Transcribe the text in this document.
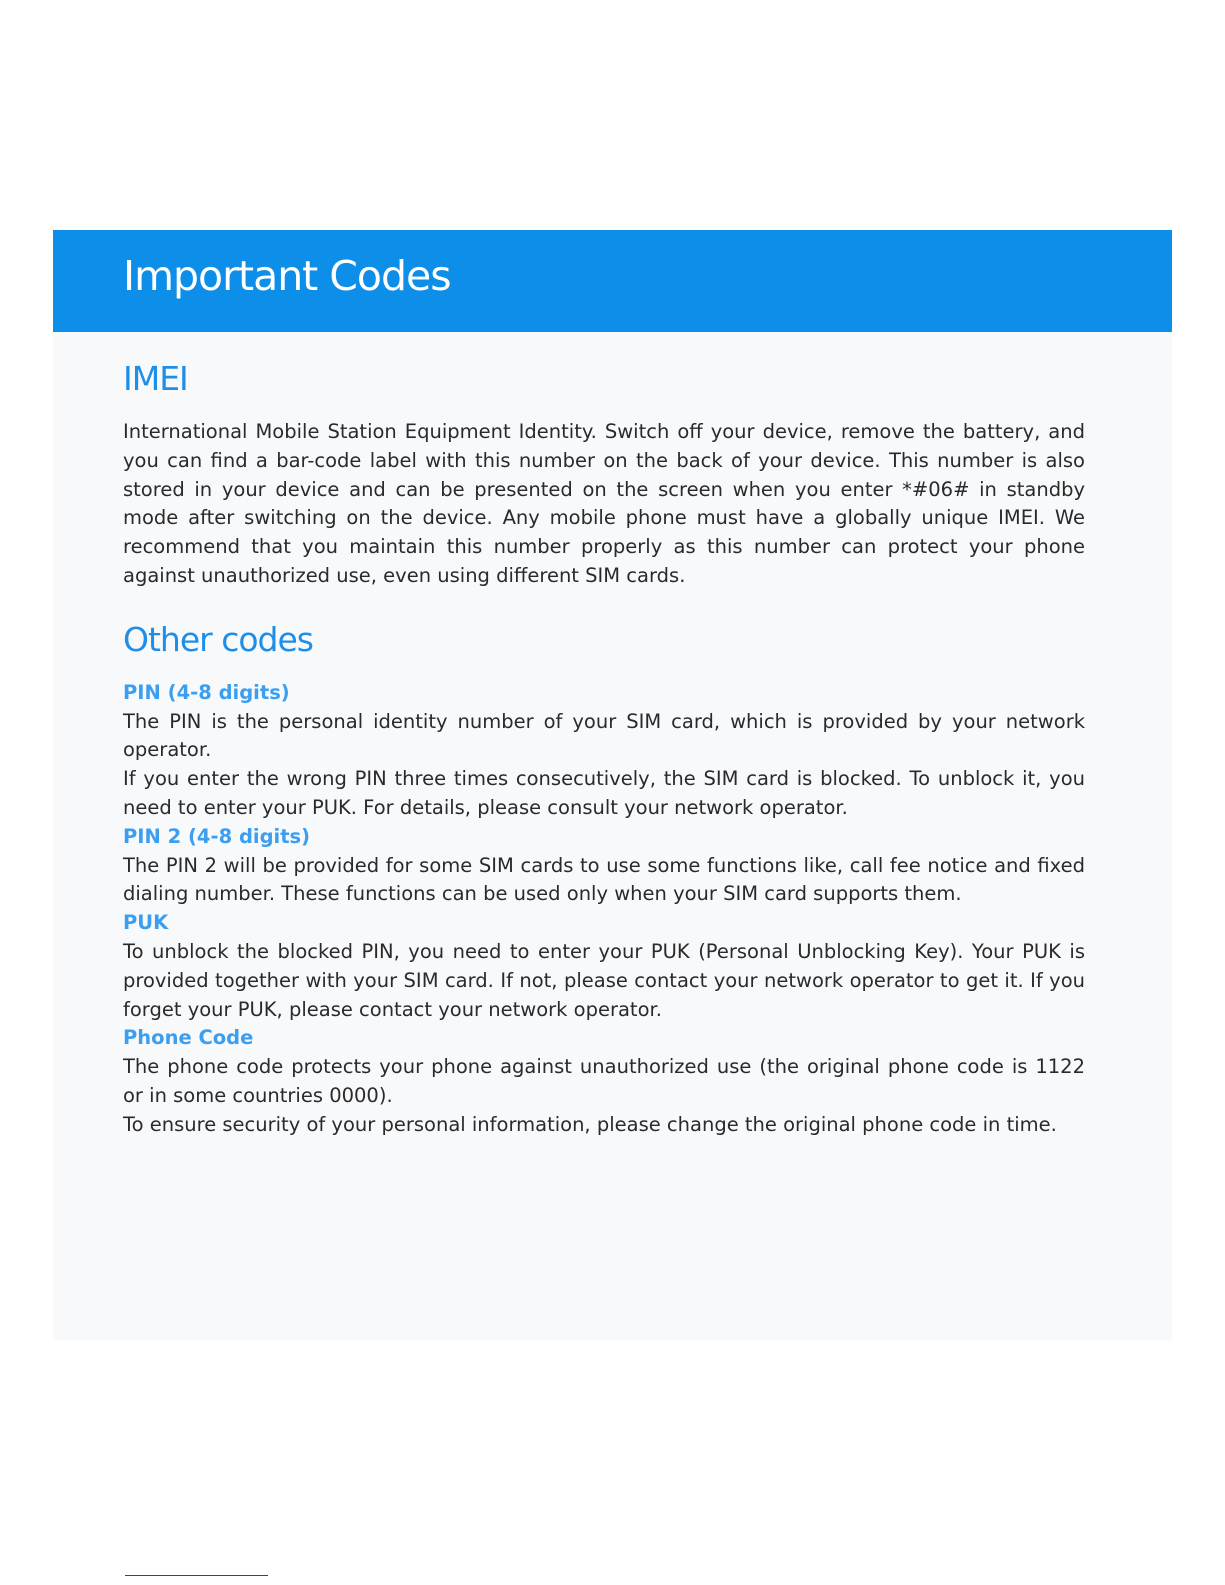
Important Codes
IMEI

International Mobile Station Equipment Identity. Switch off your device, remove the battery, and you can find a bar-code label with this number on the back of your device. This number is also stored in your device and can be presented on the screen when you enter *#06# in standby mode after switching on the device. Any mobile phone must have a globally unique IMEI. We recommend that you maintain this number properly as this number can protect your phone against unauthorized use, even using different SIM cards.

Other codes
PIN (4-8 digits)

The PIN is the personal identity number of your SIM card, which is provided by your network operator.

If you enter the wrong PIN three times consecutively, the SIM card is blocked. To unblock it, you need to enter your PUK. For details, please consult your network operator.

PIN 2 (4-8 digits)

The PIN 2 will be provided for some SIM cards to use some functions like, call fee notice and fixed dialing number. These functions can be used only when your SIM card supports them.

PUK

To unblock the blocked PIN, you need to enter your PUK (Personal Unblocking Key). Your PUK is provided together with your SIM card. If not, please contact your network operator to get it. If you forget your PUK, please contact your network operator.

Phone Code

The phone code protects your phone against unauthorized use (the original phone code is 1122 or in some countries 0000).

To ensure security of your personal information, please change the original phone code in time.
